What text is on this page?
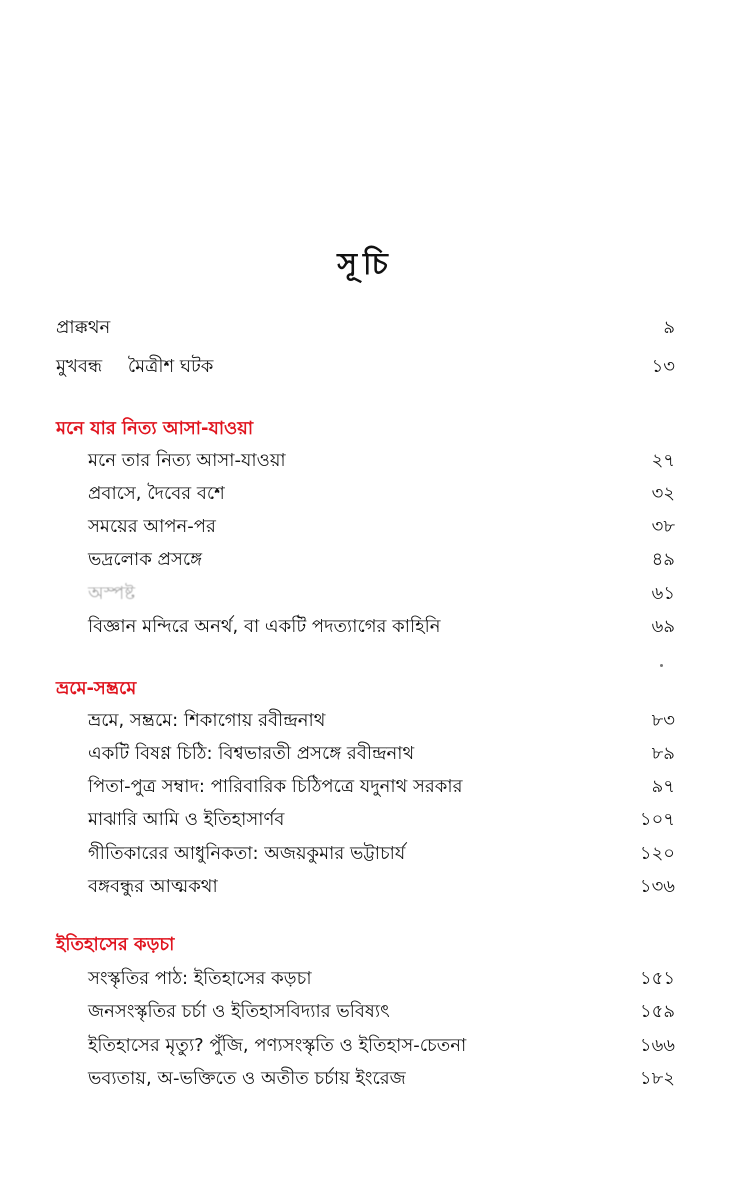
সূচি
প্রাক্কথন	৯
মুখবন্ধ মৈত্রীশ ঘটক	১৩
মনে যার নিত্য আসা-যাওয়া
মনে তার নিত্য আসা-যাওয়া	২৭
প্রবাসে, দৈবের বশে	৩২
সময়ের আপন-পর	৩৮
ভদ্রলোক প্রসঙ্গে	৪৯
অস্পষ্ট	৬১
বিজ্ঞান মন্দিরে অনর্থ, বা একটি পদত্যাগের কাহিনি	৬৯
ভ্রমে-সম্ভ্রমে
ভ্রমে, সম্ভ্রমে: শিকাগোয় রবীন্দ্রনাথ	৮৩
একটি বিষণ্ণ চিঠি: বিশ্বভারতী প্রসঙ্গে রবীন্দ্রনাথ	৮৯
পিতা-পুত্র সম্বাদ: পারিবারিক চিঠিপত্রে যদুনাথ সরকার	৯৭
মাঝারি আমি ও ইতিহাসার্ণব	১০৭
গীতিকারের আধুনিকতা: অজয়কুমার ভট্টাচার্য	১২০
বঙ্গবন্ধুর আত্মকথা	১৩৬
ইতিহাসের কড়চা
সংস্কৃতির পাঠ: ইতিহাসের কড়চা	১৫১
জনসংস্কৃতির চর্চা ও ইতিহাসবিদ্যার ভবিষ্যৎ	১৫৯
ইতিহাসের মৃত্যু? পুঁজি, পণ্যসংস্কৃতি ও ইতিহাস-চেতনা	১৬৬
ভব্যতায়, অ-ভক্তিতে ও অতীত চর্চায় ইংরেজ	১৮২
